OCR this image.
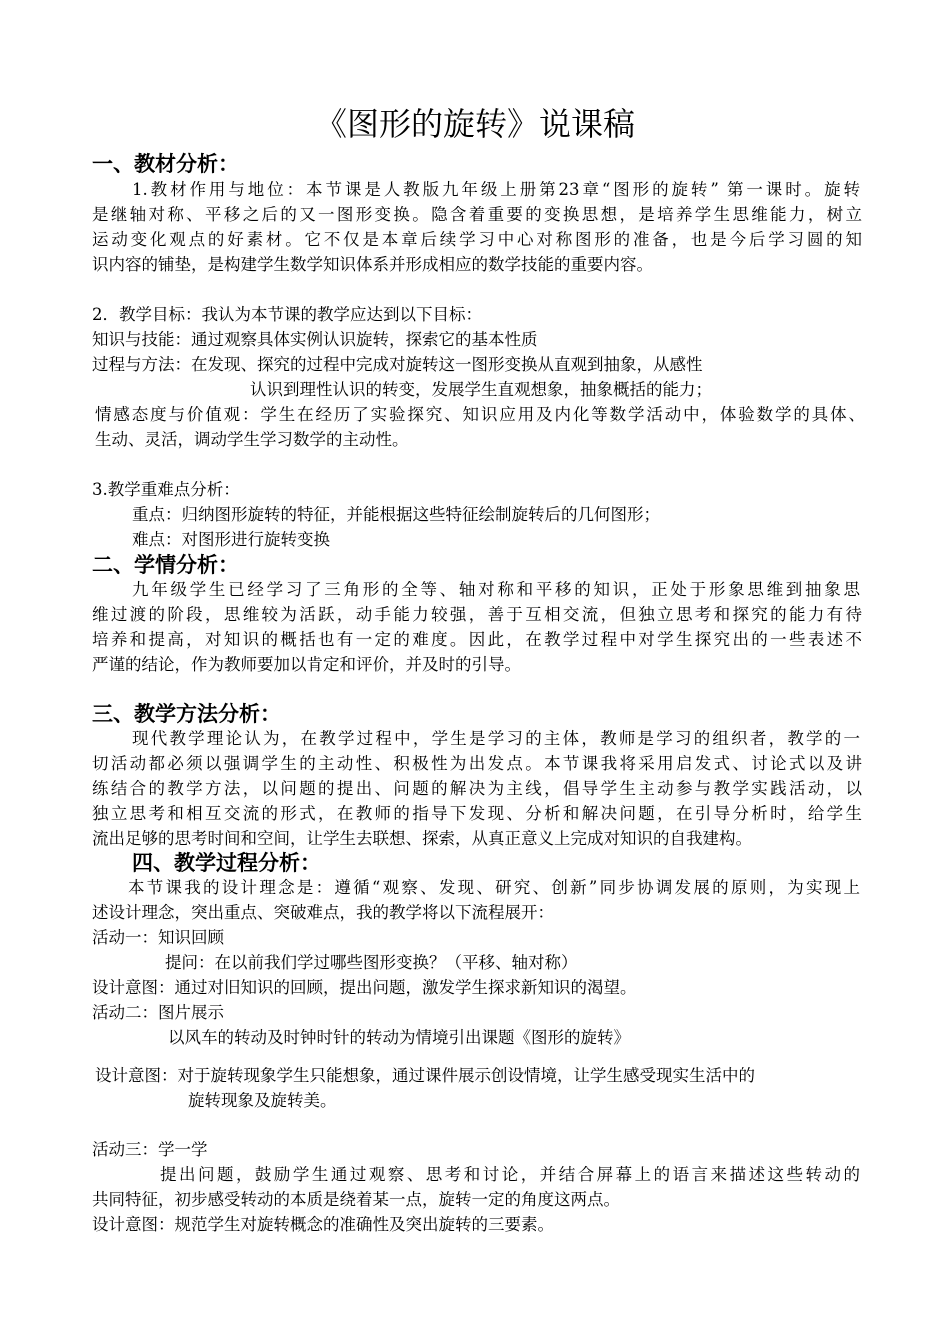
《图形的旋转》说课稿
一、教材分析：
1.教材作用与地位：本节课是人教版九年级上册第23章“图形的旋转” 第一课时。旋转
是继轴对称、平移之后的又一图形变换。隐含着重要的变换思想，是培养学生思维能力，树立
运动变化观点的好素材。它不仅是本章后续学习中心对称图形的准备，也是今后学习圆的知
识内容的铺垫，是构建学生数学知识体系并形成相应的数学技能的重要内容。
2．教学目标：我认为本节课的教学应达到以下目标：
知识与技能：通过观察具体实例认识旋转，探索它的基本性质
过程与方法：在发现、探究的过程中完成对旋转这一图形变换从直观到抽象，从感性
认识到理性认识的转变，发展学生直观想象，抽象概括的能力；
情感态度与价值观：学生在经历了实验探究、知识应用及内化等数学活动中，体验数学的具体、
生动、灵活，调动学生学习数学的主动性。
3.教学重难点分析：
重点：归纳图形旋转的特征，并能根据这些特征绘制旋转后的几何图形；
难点：对图形进行旋转变换
二、学情分析：
九年级学生已经学习了三角形的全等、轴对称和平移的知识，正处于形象思维到抽象思
维过渡的阶段，思维较为活跃，动手能力较强，善于互相交流，但独立思考和探究的能力有待
培养和提高，对知识的概括也有一定的难度。因此，在教学过程中对学生探究出的一些表述不
严谨的结论，作为教师要加以肯定和评价，并及时的引导。
三、教学方法分析：
现代教学理论认为，在教学过程中，学生是学习的主体，教师是学习的组织者，教学的一
切活动都必须以强调学生的主动性、积极性为出发点。本节课我将采用启发式、讨论式以及讲
练结合的教学方法，以问题的提出、问题的解决为主线，倡导学生主动参与教学实践活动，以
独立思考和相互交流的形式，在教师的指导下发现、分析和解决问题，在引导分析时，给学生
流出足够的思考时间和空间，让学生去联想、探索，从真正意义上完成对知识的自我建构。
四、教学过程分析：
本节课我的设计理念是：遵循“观察、发现、研究、创新”同步协调发展的原则，为实现上
述设计理念，突出重点、突破难点，我的教学将以下流程展开：
活动一：知识回顾
提问：在以前我们学过哪些图形变换？（平移、轴对称）
设计意图：通过对旧知识的回顾，提出问题，激发学生探求新知识的渴望。
活动二：图片展示
以风车的转动及时钟时针的转动为情境引出课题《图形的旋转》
设计意图：对于旋转现象学生只能想象，通过课件展示创设情境，让学生感受现实生活中的
旋转现象及旋转美。
活动三：学一学
提出问题，鼓励学生通过观察、思考和讨论，并结合屏幕上的语言来描述这些转动的
共同特征，初步感受转动的本质是绕着某一点，旋转一定的角度这两点。
设计意图：规范学生对旋转概念的准确性及突出旋转的三要素。
